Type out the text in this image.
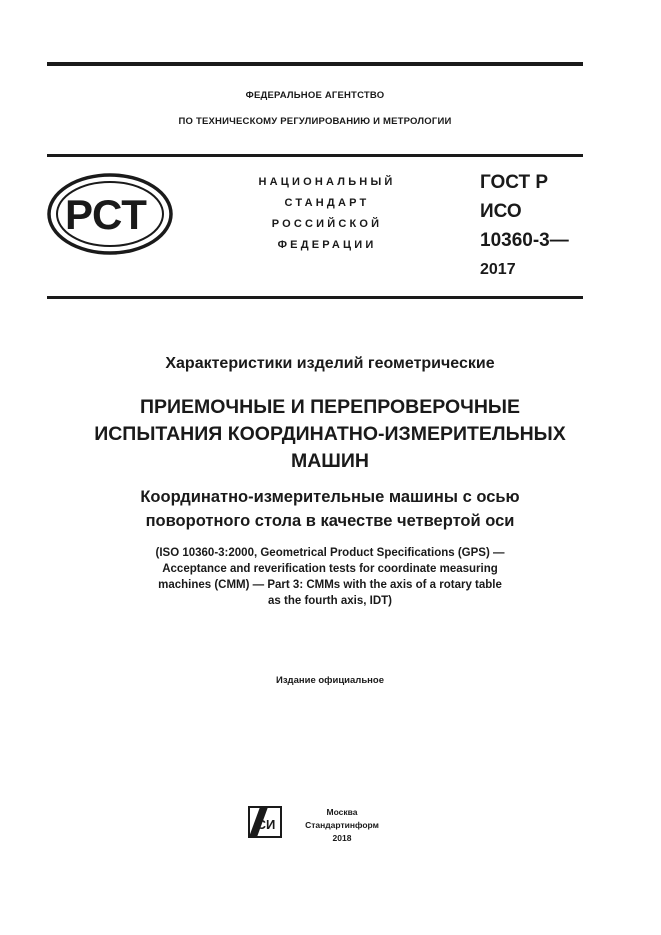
ФЕДЕРАЛЬНОЕ АГЕНТСТВО
ПО ТЕХНИЧЕСКОМУ РЕГУЛИРОВАНИЮ И МЕТРОЛОГИИ
РСТ
НАЦИОНАЛЬНЫЙ
СТАНДАРТ
РОССИЙСКОЙ
ФЕДЕРАЦИИ
ГОСТ Р
ИСО
10360-3—
2017
Характеристики изделий геометрические
ПРИЕМОЧНЫЕ И ПЕРЕПРОВЕРОЧНЫЕ
ИСПЫТАНИЯ КООРДИНАТНО-ИЗМЕРИТЕЛЬНЫХ
МАШИН
Координатно-измерительные машины с осью
поворотного стола в качестве четвертой оси
(ISO 10360-3:2000, Geometrical Product Specifications (GPS) —
Acceptance and reverification tests for coordinate measuring
machines (CMM) — Part 3: CMMs with the axis of a rotary table
as the fourth axis, IDT)
Издание официальное
СИ
Москва
Стандартинформ
2018
